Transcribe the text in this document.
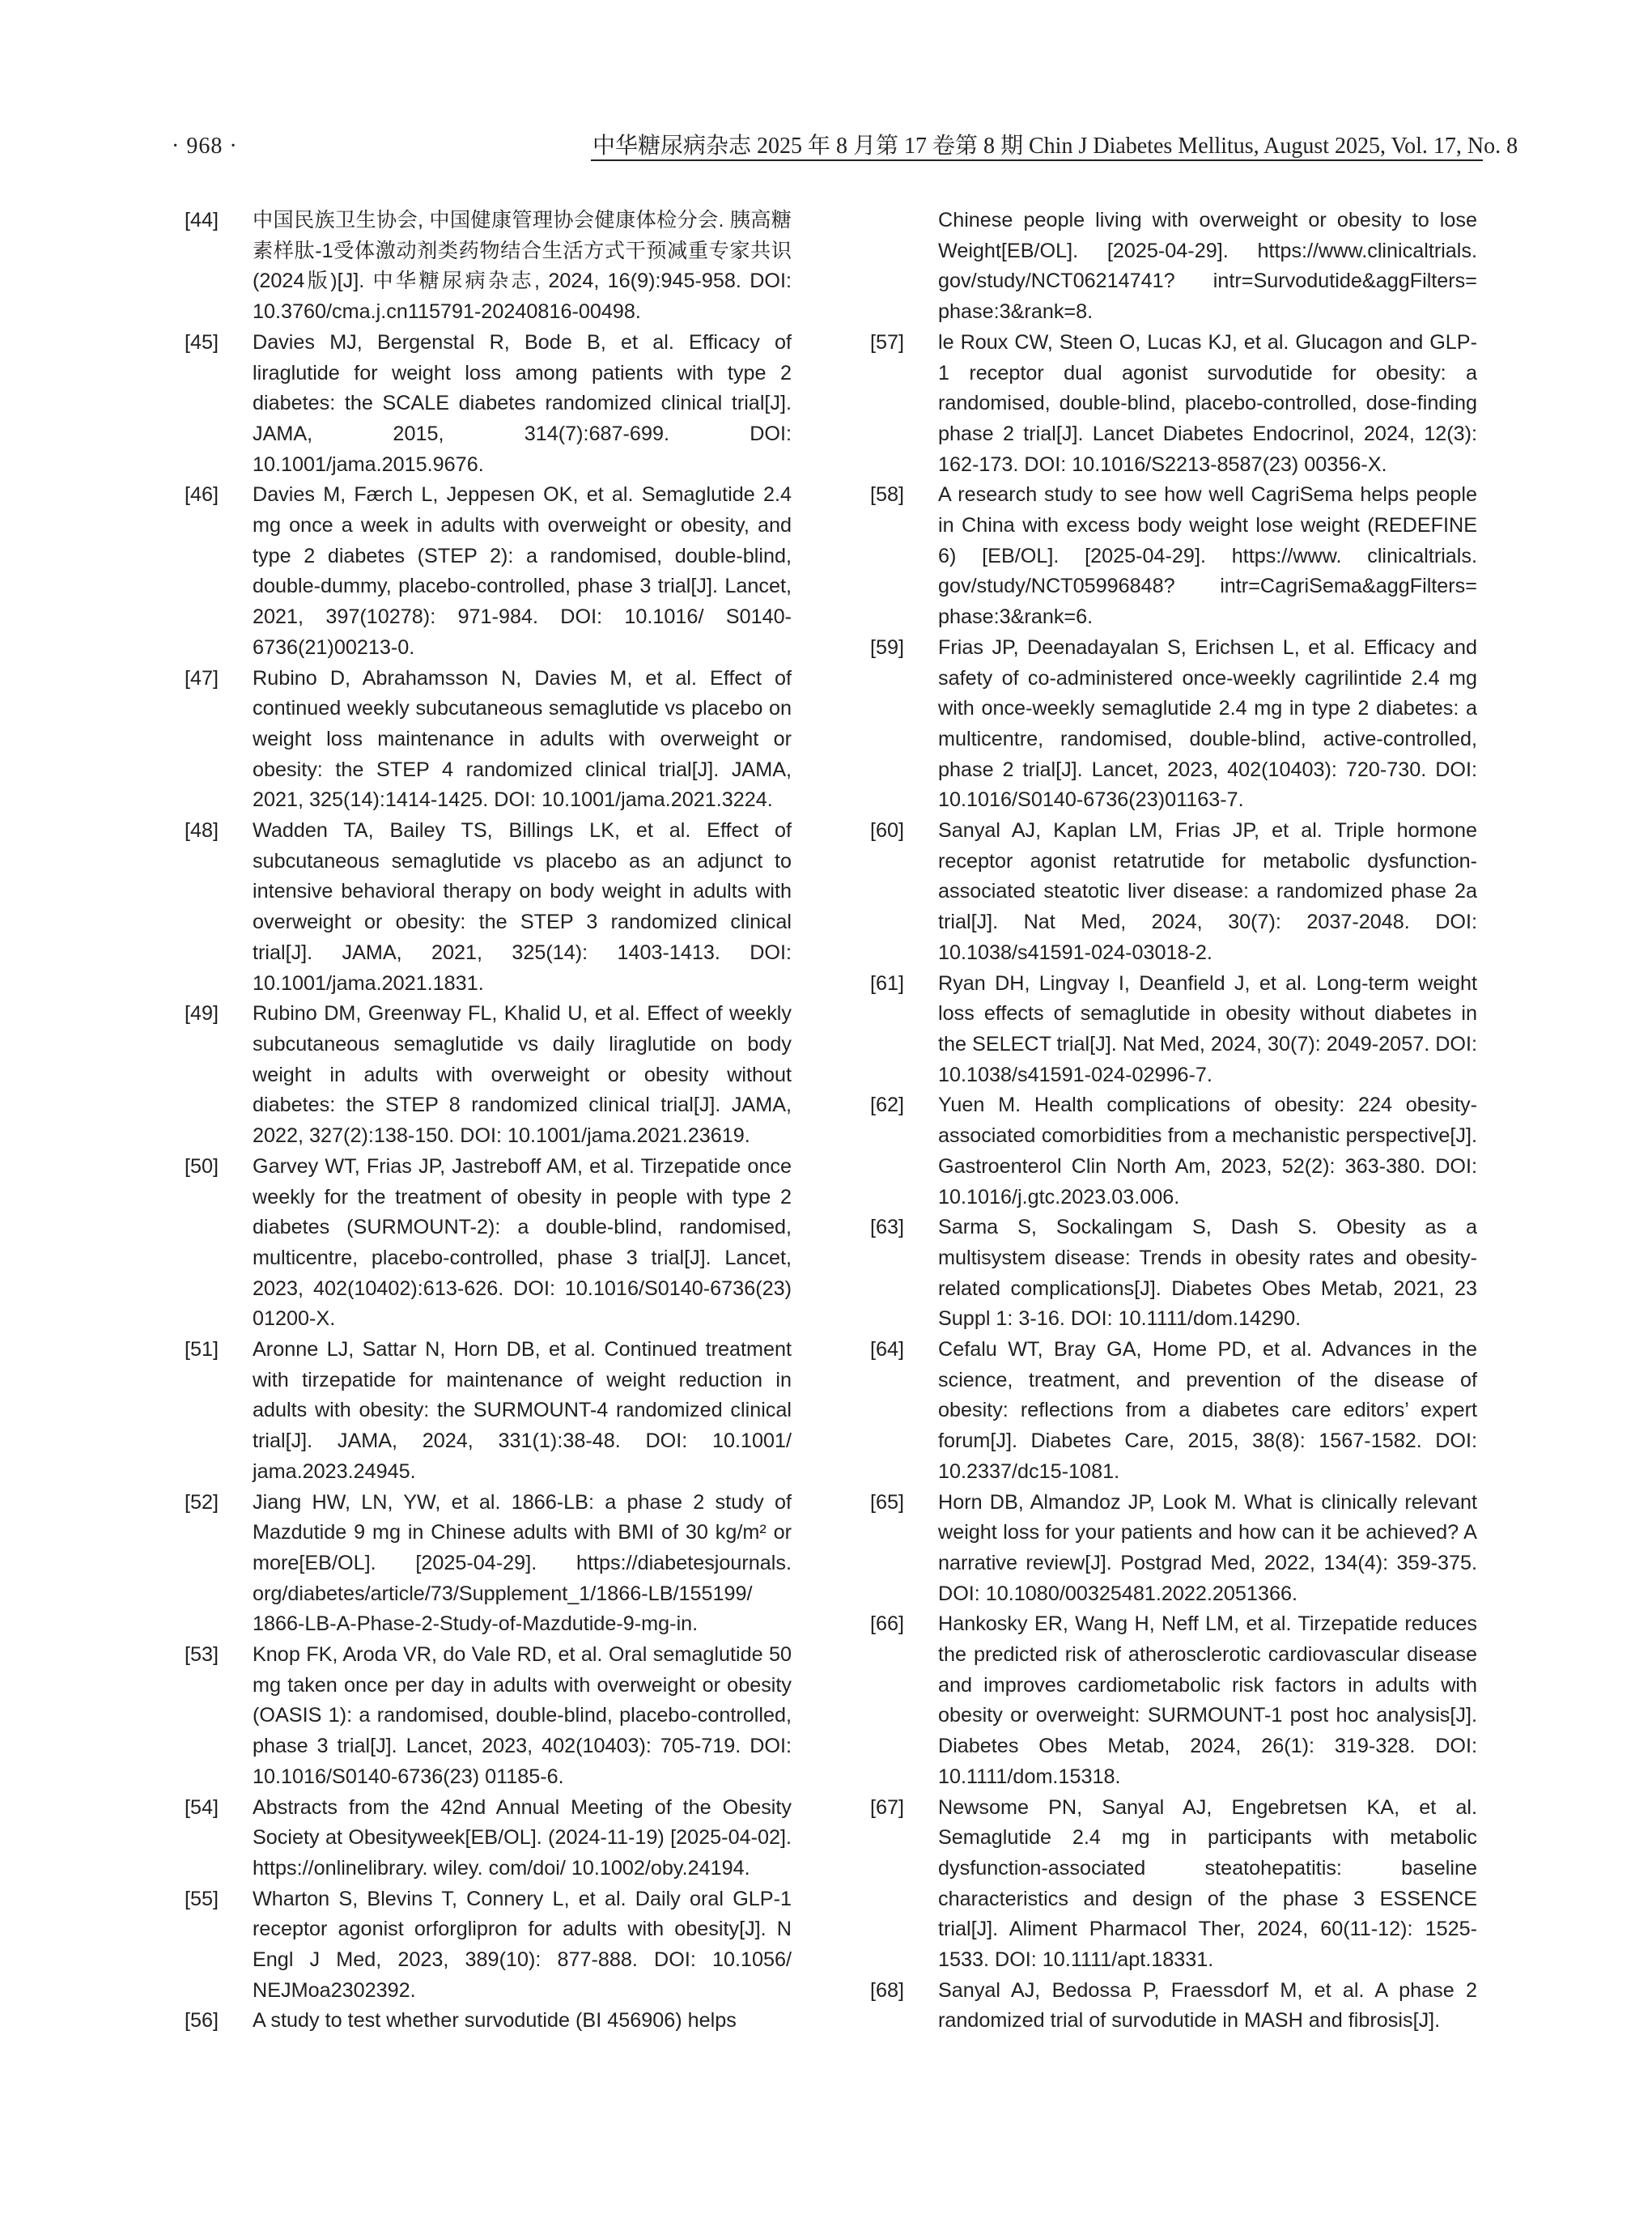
· 968 ·	中华糖尿病杂志 2025 年 8 月第 17 卷第 8 期 Chin J Diabetes Mellitus, August 2025, Vol. 17, No. 8
[44] 中国民族卫生协会, 中国健康管理协会健康体检分会. 胰高糖素样肽-1受体激动剂类药物结合生活方式干预减重专家共识(2024版)[J]. 中华糖尿病杂志, 2024, 16(9):945-958. DOI: 10.3760/cma.j.cn115791-20240816-00498.
[45] Davies MJ, Bergenstal R, Bode B, et al. Efficacy of liraglutide for weight loss among patients with type 2 diabetes: the SCALE diabetes randomized clinical trial[J]. JAMA, 2015, 314(7):687-699. DOI: 10.1001/jama.2015.9676.
[46] Davies M, Færch L, Jeppesen OK, et al. Semaglutide 2.4 mg once a week in adults with overweight or obesity, and type 2 diabetes (STEP 2): a randomised, double-blind, double-dummy, placebo-controlled, phase 3 trial[J]. Lancet, 2021, 397(10278): 971-984. DOI: 10.1016/ S0140-6736(21)00213-0.
[47] Rubino D, Abrahamsson N, Davies M, et al. Effect of continued weekly subcutaneous semaglutide vs placebo on weight loss maintenance in adults with overweight or obesity: the STEP 4 randomized clinical trial[J]. JAMA, 2021, 325(14):1414-1425. DOI: 10.1001/jama.2021.3224.
[48] Wadden TA, Bailey TS, Billings LK, et al. Effect of subcutaneous semaglutide vs placebo as an adjunct to intensive behavioral therapy on body weight in adults with overweight or obesity: the STEP 3 randomized clinical trial[J]. JAMA, 2021, 325(14): 1403-1413. DOI: 10.1001/jama.2021.1831.
[49] Rubino DM, Greenway FL, Khalid U, et al. Effect of weekly subcutaneous semaglutide vs daily liraglutide on body weight in adults with overweight or obesity without diabetes: the STEP 8 randomized clinical trial[J]. JAMA, 2022, 327(2):138-150. DOI: 10.1001/jama.2021.23619.
[50] Garvey WT, Frias JP, Jastreboff AM, et al. Tirzepatide once weekly for the treatment of obesity in people with type 2 diabetes (SURMOUNT-2): a double-blind, randomised, multicentre, placebo-controlled, phase 3 trial[J]. Lancet, 2023, 402(10402):613-626. DOI: 10.1016/S0140-6736(23) 01200-X.
[51] Aronne LJ, Sattar N, Horn DB, et al. Continued treatment with tirzepatide for maintenance of weight reduction in adults with obesity: the SURMOUNT-4 randomized clinical trial[J]. JAMA, 2024, 331(1):38-48. DOI: 10.1001/ jama.2023.24945.
[52] Jiang HW, LN, YW, et al. 1866-LB: a phase 2 study of Mazdutide 9 mg in Chinese adults with BMI of 30 kg/m² or more[EB/OL]. [2025-04-29]. https://diabetesjournals. org/diabetes/article/73/Supplement_1/1866-LB/155199/ 1866-LB-A-Phase-2-Study-of-Mazdutide-9-mg-in.
[53] Knop FK, Aroda VR, do Vale RD, et al. Oral semaglutide 50 mg taken once per day in adults with overweight or obesity (OASIS 1): a randomised, double-blind, placebo-controlled, phase 3 trial[J]. Lancet, 2023, 402(10403): 705-719. DOI: 10.1016/S0140-6736(23) 01185-6.
[54] Abstracts from the 42nd Annual Meeting of the Obesity Society at Obesityweek[EB/OL]. (2024-11-19) [2025-04-02]. https://onlinelibrary. wiley. com/doi/ 10.1002/oby.24194.
[55] Wharton S, Blevins T, Connery L, et al. Daily oral GLP-1 receptor agonist orforglipron for adults with obesity[J]. N Engl J Med, 2023, 389(10): 877-888. DOI: 10.1056/ NEJMoa2302392.
[56] A study to test whether survodutide (BI 456906) helps
Chinese people living with overweight or obesity to lose Weight[EB/OL]. [2025-04-29]. https://www.clinicaltrials. gov/study/NCT06214741? intr=Survodutide&aggFilters= phase:3&rank=8.
[57] le Roux CW, Steen O, Lucas KJ, et al. Glucagon and GLP-1 receptor dual agonist survodutide for obesity: a randomised, double-blind, placebo-controlled, dose-finding phase 2 trial[J]. Lancet Diabetes Endocrinol, 2024, 12(3): 162-173. DOI: 10.1016/S2213-8587(23) 00356-X.
[58] A research study to see how well CagriSema helps people in China with excess body weight lose weight (REDEFINE 6) [EB/OL]. [2025-04-29]. https://www. clinicaltrials. gov/study/NCT05996848? intr=CagriSema&aggFilters= phase:3&rank=6.
[59] Frias JP, Deenadayalan S, Erichsen L, et al. Efficacy and safety of co-administered once-weekly cagrilintide 2.4 mg with once-weekly semaglutide 2.4 mg in type 2 diabetes: a multicentre, randomised, double-blind, active-controlled, phase 2 trial[J]. Lancet, 2023, 402(10403): 720-730. DOI: 10.1016/S0140-6736(23)01163-7.
[60] Sanyal AJ, Kaplan LM, Frias JP, et al. Triple hormone receptor agonist retatrutide for metabolic dysfunction-associated steatotic liver disease: a randomized phase 2a trial[J]. Nat Med, 2024, 30(7): 2037-2048. DOI: 10.1038/s41591-024-03018-2.
[61] Ryan DH, Lingvay I, Deanfield J, et al. Long-term weight loss effects of semaglutide in obesity without diabetes in the SELECT trial[J]. Nat Med, 2024, 30(7): 2049-2057. DOI: 10.1038/s41591-024-02996-7.
[62] Yuen M. Health complications of obesity: 224 obesity-associated comorbidities from a mechanistic perspective[J]. Gastroenterol Clin North Am, 2023, 52(2): 363-380. DOI: 10.1016/j.gtc.2023.03.006.
[63] Sarma S, Sockalingam S, Dash S. Obesity as a multisystem disease: Trends in obesity rates and obesity-related complications[J]. Diabetes Obes Metab, 2021, 23 Suppl 1: 3-16. DOI: 10.1111/dom.14290.
[64] Cefalu WT, Bray GA, Home PD, et al. Advances in the science, treatment, and prevention of the disease of obesity: reflections from a diabetes care editors’ expert forum[J]. Diabetes Care, 2015, 38(8): 1567-1582. DOI: 10.2337/dc15-1081.
[65] Horn DB, Almandoz JP, Look M. What is clinically relevant weight loss for your patients and how can it be achieved? A narrative review[J]. Postgrad Med, 2022, 134(4): 359-375. DOI: 10.1080/00325481.2022.2051366.
[66] Hankosky ER, Wang H, Neff LM, et al. Tirzepatide reduces the predicted risk of atherosclerotic cardiovascular disease and improves cardiometabolic risk factors in adults with obesity or overweight: SURMOUNT-1 post hoc analysis[J]. Diabetes Obes Metab, 2024, 26(1): 319-328. DOI: 10.1111/dom.15318.
[67] Newsome PN, Sanyal AJ, Engebretsen KA, et al. Semaglutide 2.4 mg in participants with metabolic dysfunction-associated steatohepatitis: baseline characteristics and design of the phase 3 ESSENCE trial[J]. Aliment Pharmacol Ther, 2024, 60(11-12): 1525-1533. DOI: 10.1111/apt.18331.
[68] Sanyal AJ, Bedossa P, Fraessdorf M, et al. A phase 2 randomized trial of survodutide in MASH and fibrosis[J].
